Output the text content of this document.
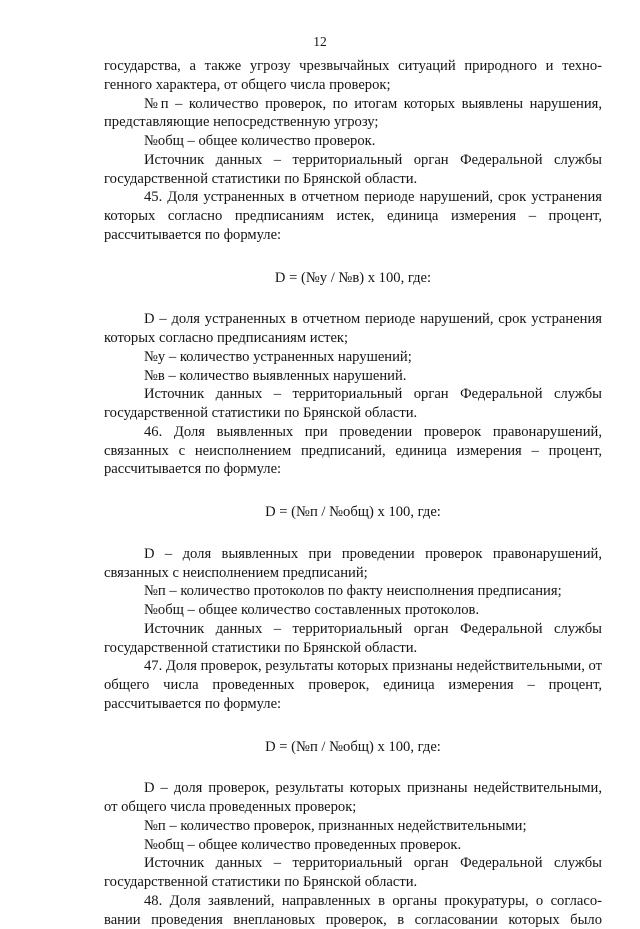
12

государства, а также угрозу чрезвычайных ситуаций природного и техно-генного характера, от общего числа проверок;

№п – количество проверок, по итогам которых выявлены нарушения, представляющие непосредственную угрозу;

№общ – общее количество проверок.

Источник данных – территориальный орган Федеральной службы государственной статистики по Брянской области.

45. Доля устраненных в отчетном периоде нарушений, срок устранения которых согласно предписаниям истек, единица измерения – процент, рассчитывается по формуле:

D = (№у / №в) х 100, где:

D – доля устраненных в отчетном периоде нарушений, срок устранения которых согласно предписаниям истек;

№у – количество устраненных нарушений;

№в – количество выявленных нарушений.

Источник данных – территориальный орган Федеральной службы государственной статистики по Брянской области.

46. Доля выявленных при проведении проверок правонарушений, связанных с неисполнением предписаний, единица измерения – процент, рассчитывается по формуле:

D = (№п / №общ) х 100, где:

D – доля выявленных при проведении проверок правонарушений, связанных с неисполнением предписаний;

№п – количество протоколов по факту неисполнения предписания;

№общ – общее количество составленных протоколов.

Источник данных – территориальный орган Федеральной службы государственной статистики по Брянской области.

47. Доля проверок, результаты которых признаны недействительными, от общего числа проведенных проверок, единица измерения – процент, рассчитывается по формуле:

D = (№п / №общ) х 100, где:

D – доля проверок, результаты которых признаны недействительными, от общего числа проведенных проверок;

№п – количество проверок, признанных недействительными;

№общ – общее количество проведенных проверок.

Источник данных – территориальный орган Федеральной службы государственной статистики по Брянской области.

48. Доля заявлений, направленных в органы прокуратуры, о согласо-вании проведения внеплановых проверок, в согласовании которых было
